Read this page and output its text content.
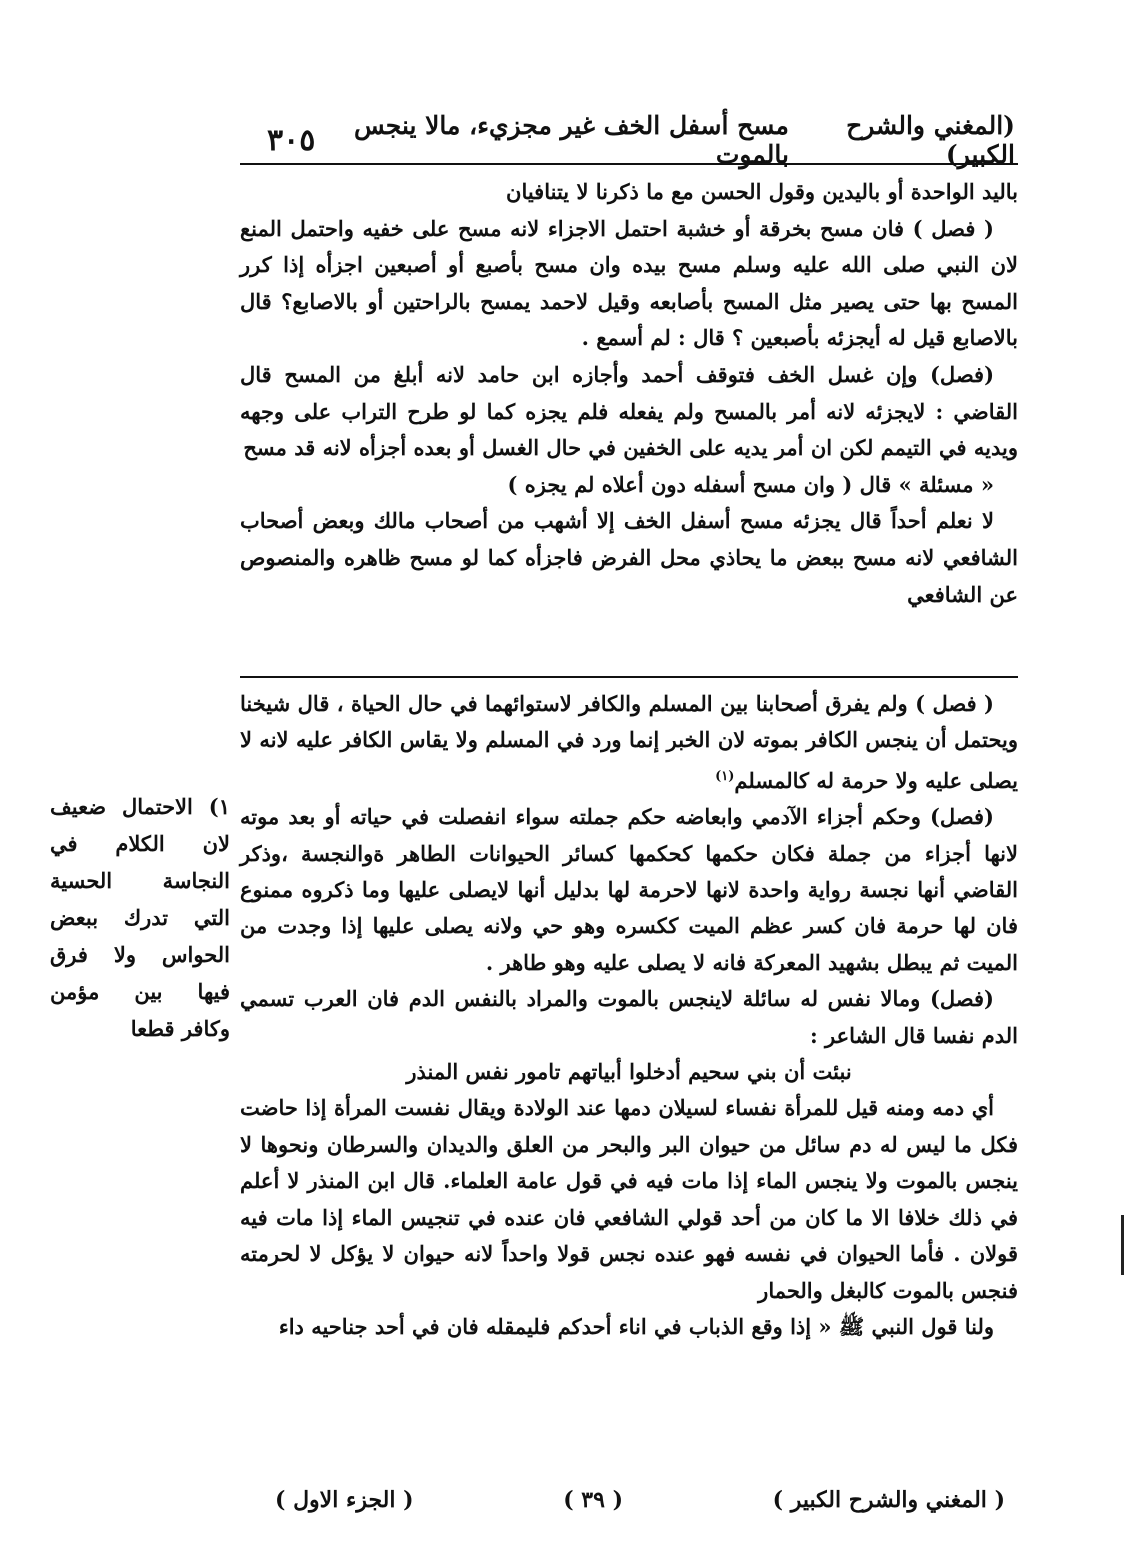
(المغني والشرح الكبير)
مسح أسفل الخف غير مجزيء، مالا ينجس بالموت
٣٠٥

باليد الواحدة أو باليدين وقول الحسن مع ما ذكرنا لا يتنافيان

( فصل ) فان مسح بخرقة أو خشبة احتمل الاجزاء لانه مسح على خفيه واحتمل المنع لان النبي صلى الله عليه وسلم مسح بيده وان مسح بأصبع أو أصبعين اجزأه إذا كرر المسح بها حتى يصير مثل المسح بأصابعه وقيل لاحمد يمسح بالراحتين أو بالاصابع؟ قال بالاصابع قيل له أيجزئه بأصبعين ؟ قال : لم أسمع .

(فصل) وإن غسل الخف فتوقف أحمد وأجازه ابن حامد لانه أبلغ من المسح قال القاضي : لايجزئه لانه أمر بالمسح ولم يفعله فلم يجزه كما لو طرح التراب على وجهه ويديه في التيمم لكن ان أمر يديه على الخفين في حال الغسل أو بعده أجزأه لانه قد مسح

« مسئلة » قال ( وان مسح أسفله دون أعلاه لم يجزه )

لا نعلم أحداً قال يجزئه مسح أسفل الخف إلا أشهب من أصحاب مالك وبعض أصحاب الشافعي لانه مسح ببعض ما يحاذي محل الفرض فاجزأه كما لو مسح ظاهره والمنصوص عن الشافعي

( فصل ) ولم يفرق أصحابنا بين المسلم والكافر لاستوائهما في حال الحياة ، قال شيخنا ويحتمل أن ينجس الكافر بموته لان الخبر إنما ورد في المسلم ولا يقاس الكافر عليه لانه لا يصلى عليه ولا حرمة له كالمسلم$^{(١)}$

(فصل) وحكم أجزاء الآدمي وابعاضه حكم جملته سواء انفصلت في حياته أو بعد موته لانها أجزاء من جملة فكان حكمها كحكمها كسائر الحيوانات الطاهر ةوالنجسة ،وذكر القاضي أنها نجسة رواية واحدة لانها لاحرمة لها بدليل أنها لايصلى عليها وما ذكروه ممنوع فان لها حرمة فان كسر عظم الميت ككسره وهو حي ولانه يصلى عليها إذا وجدت من الميت ثم يبطل بشهيد المعركة فانه لا يصلى عليه وهو طاهر .

(فصل) ومالا نفس له سائلة لاينجس بالموت والمراد بالنفس الدم فان العرب تسمي الدم نفسا قال الشاعر :

نبئت أن بني سحيم أدخلوا أبياتهم تامور نفس المنذر

أي دمه ومنه قيل للمرأة نفساء لسيلان دمها عند الولادة ويقال نفست المرأة إذا حاضت فكل ما ليس له دم سائل من حيوان البر والبحر من العلق والديدان والسرطان ونحوها لا ينجس بالموت ولا ينجس الماء إذا مات فيه في قول عامة العلماء. قال ابن المنذر لا أعلم في ذلك خلافا الا ما كان من أحد قولي الشافعي فان عنده في تنجيس الماء إذا مات فيه قولان . فأما الحيوان في نفسه فهو عنده نجس قولا واحداً لانه حيوان لا يؤكل لا لحرمته فنجس بالموت كالبغل والحمار

ولنا قول النبي ﷺ « إذا وقع الذباب في اناء أحدكم فليمقله فان في أحد جناحيه داء

١) الاحتمال ضعيف لان الكلام في النجاسة الحسية التي تدرك ببعض الحواس ولا فرق فيها بين مؤمن وكافر قطعا
( المغني والشرح الكبير )
( ٣٩ )
( الجزء الاول )
